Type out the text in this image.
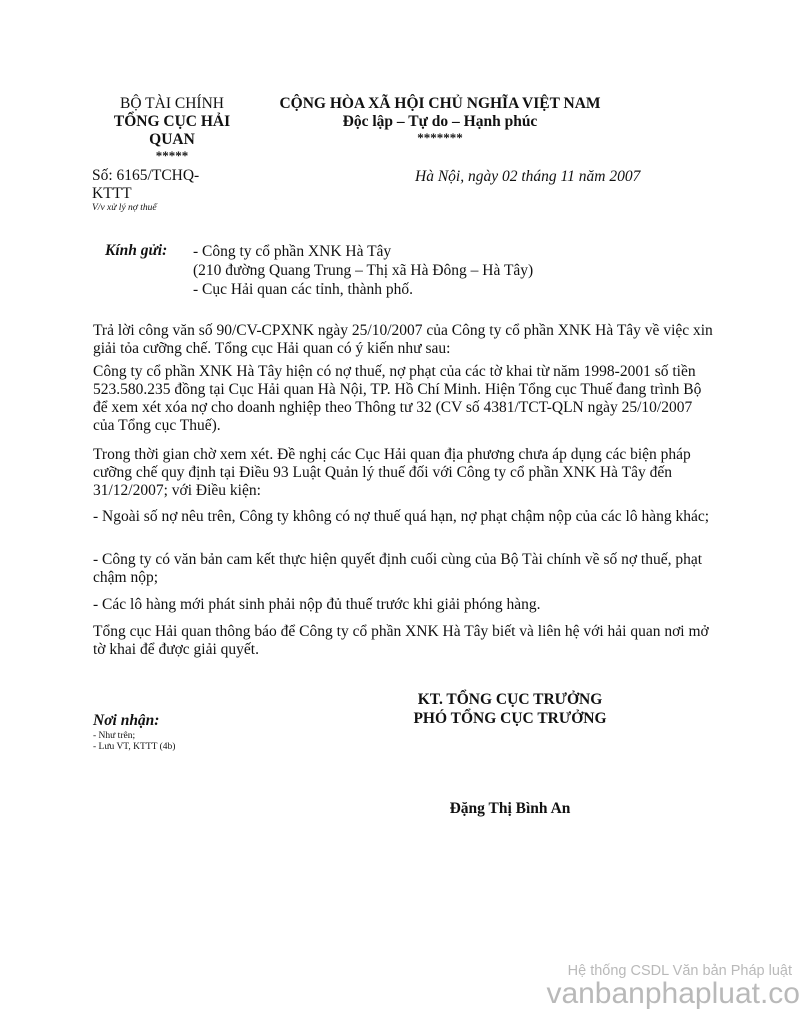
BỘ TÀI CHÍNH
TỔNG CỤC HẢI
QUAN
*****
Số: 6165/TCHQ-
KTTT
V/v xử lý nợ thuế
CỘNG HÒA XÃ HỘI CHỦ NGHĨA VIỆT NAM
Độc lập – Tự do – Hạnh phúc
*******
Hà Nội, ngày 02 tháng 11 năm 2007
Kính gửi: - Công ty cổ phần XNK Hà Tây
(210 đường Quang Trung – Thị xã Hà Đông – Hà Tây)
- Cục Hải quan các tỉnh, thành phố.
Trả lời công văn số 90/CV-CPXNK ngày 25/10/2007 của Công ty cổ phần XNK Hà Tây về việc xin giải tỏa cưỡng chế. Tổng cục Hải quan có ý kiến như sau:
Công ty cổ phần XNK Hà Tây hiện có nợ thuế, nợ phạt của các tờ khai từ năm 1998-2001 số tiền 523.580.235 đồng tại Cục Hải quan Hà Nội, TP. Hồ Chí Minh. Hiện Tổng cục Thuế đang trình Bộ để xem xét xóa nợ cho doanh nghiệp theo Thông tư 32 (CV số 4381/TCT-QLN ngày 25/10/2007 của Tổng cục Thuế).
Trong thời gian chờ xem xét. Đề nghị các Cục Hải quan địa phương chưa áp dụng các biện pháp cưỡng chế quy định tại Điều 93 Luật Quản lý thuế đối với Công ty cổ phần XNK Hà Tây đến 31/12/2007; với Điều kiện:
- Ngoài số nợ nêu trên, Công ty không có nợ thuế quá hạn, nợ phạt chậm nộp của các lô hàng khác;
- Công ty có văn bản cam kết thực hiện quyết định cuối cùng của Bộ Tài chính về số nợ thuế, phạt chậm nộp;
- Các lô hàng mới phát sinh phải nộp đủ thuế trước khi giải phóng hàng.
Tổng cục Hải quan thông báo để Công ty cổ phần XNK Hà Tây biết và liên hệ với hải quan nơi mở tờ khai để được giải quyết.
Nơi nhận:
- Như trên;
- Lưu VT, KTTT (4b)
KT. TỔNG CỤC TRƯỞNG
PHÓ TỔNG CỤC TRƯỞNG
Đặng Thị Bình An
Hệ thống CSDL Văn bản Pháp luật
vanbanphapluat.co
